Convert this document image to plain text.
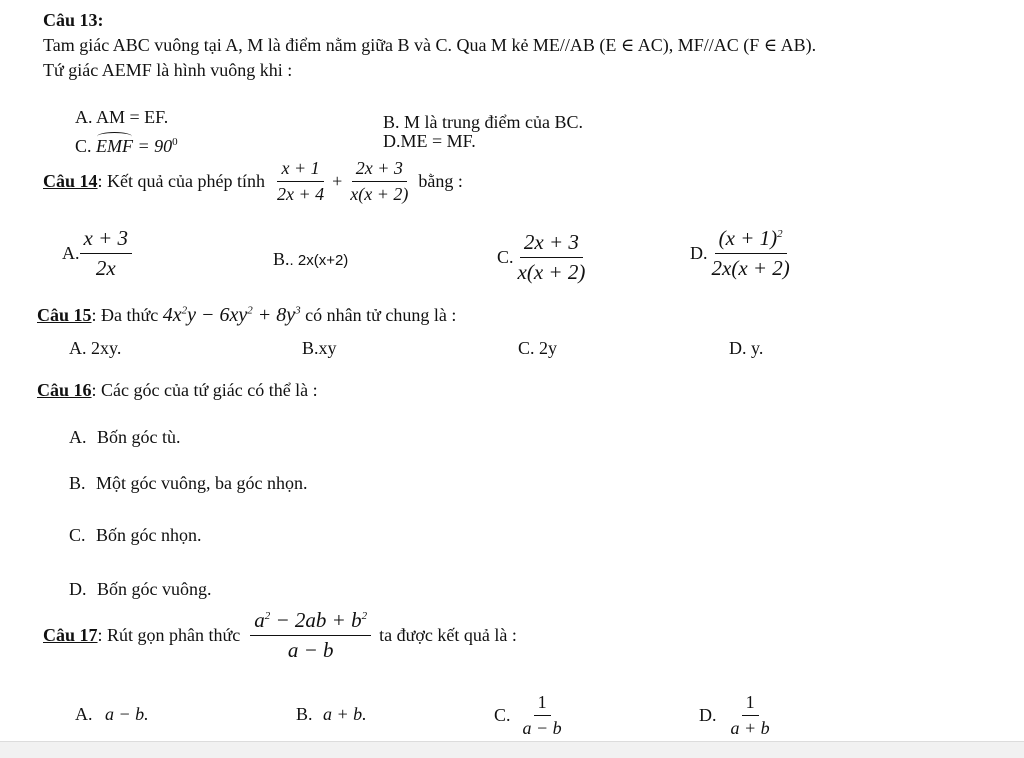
Câu 13:
Tam giác ABC vuông tại A, M là điểm nằm giữa B và C. Qua M kẻ ME//AB (E ∈ AC), MF//AC (F ∈ AB).
Tứ giác AEMF là hình vuông khi :
A. AM = EF.	B. M là trung điểm của BC.
C. EMF = $90^0$	D.ME = MF.
Câu 14 : Kết quả của phép tính $\frac{x + 1}{2x + 4} + \frac{2x + 3}{x(x + 2)}$ bằng :
A. $\frac{x + 3}{2x}$	B.. 2x(x+2)	C. $\frac{2x + 3}{x(x + 2)}$	D. $\frac{(x + 1)^2}{2x(x + 2)}$
Câu 15: Đa thức $4x^2y - 6xy^2 + 8y^3$ có nhân tử chung là :
A. 2xy.	B.xy	C. 2y	D. y.
Câu 16: Các góc của tứ giác có thể là :
A. Bốn góc tù.
B. Một góc vuông, ba góc nhọn.
C. Bốn góc nhọn.
D. Bốn góc vuông.
Câu 17 : Rút gọn phân thức $\frac{a^2 - 2ab + b^2}{a - b}$ ta được kết quả là :
A. a − b.	B. a + b.	C. $\frac{1}{a - b}$	D. $\frac{1}{a + b}$
